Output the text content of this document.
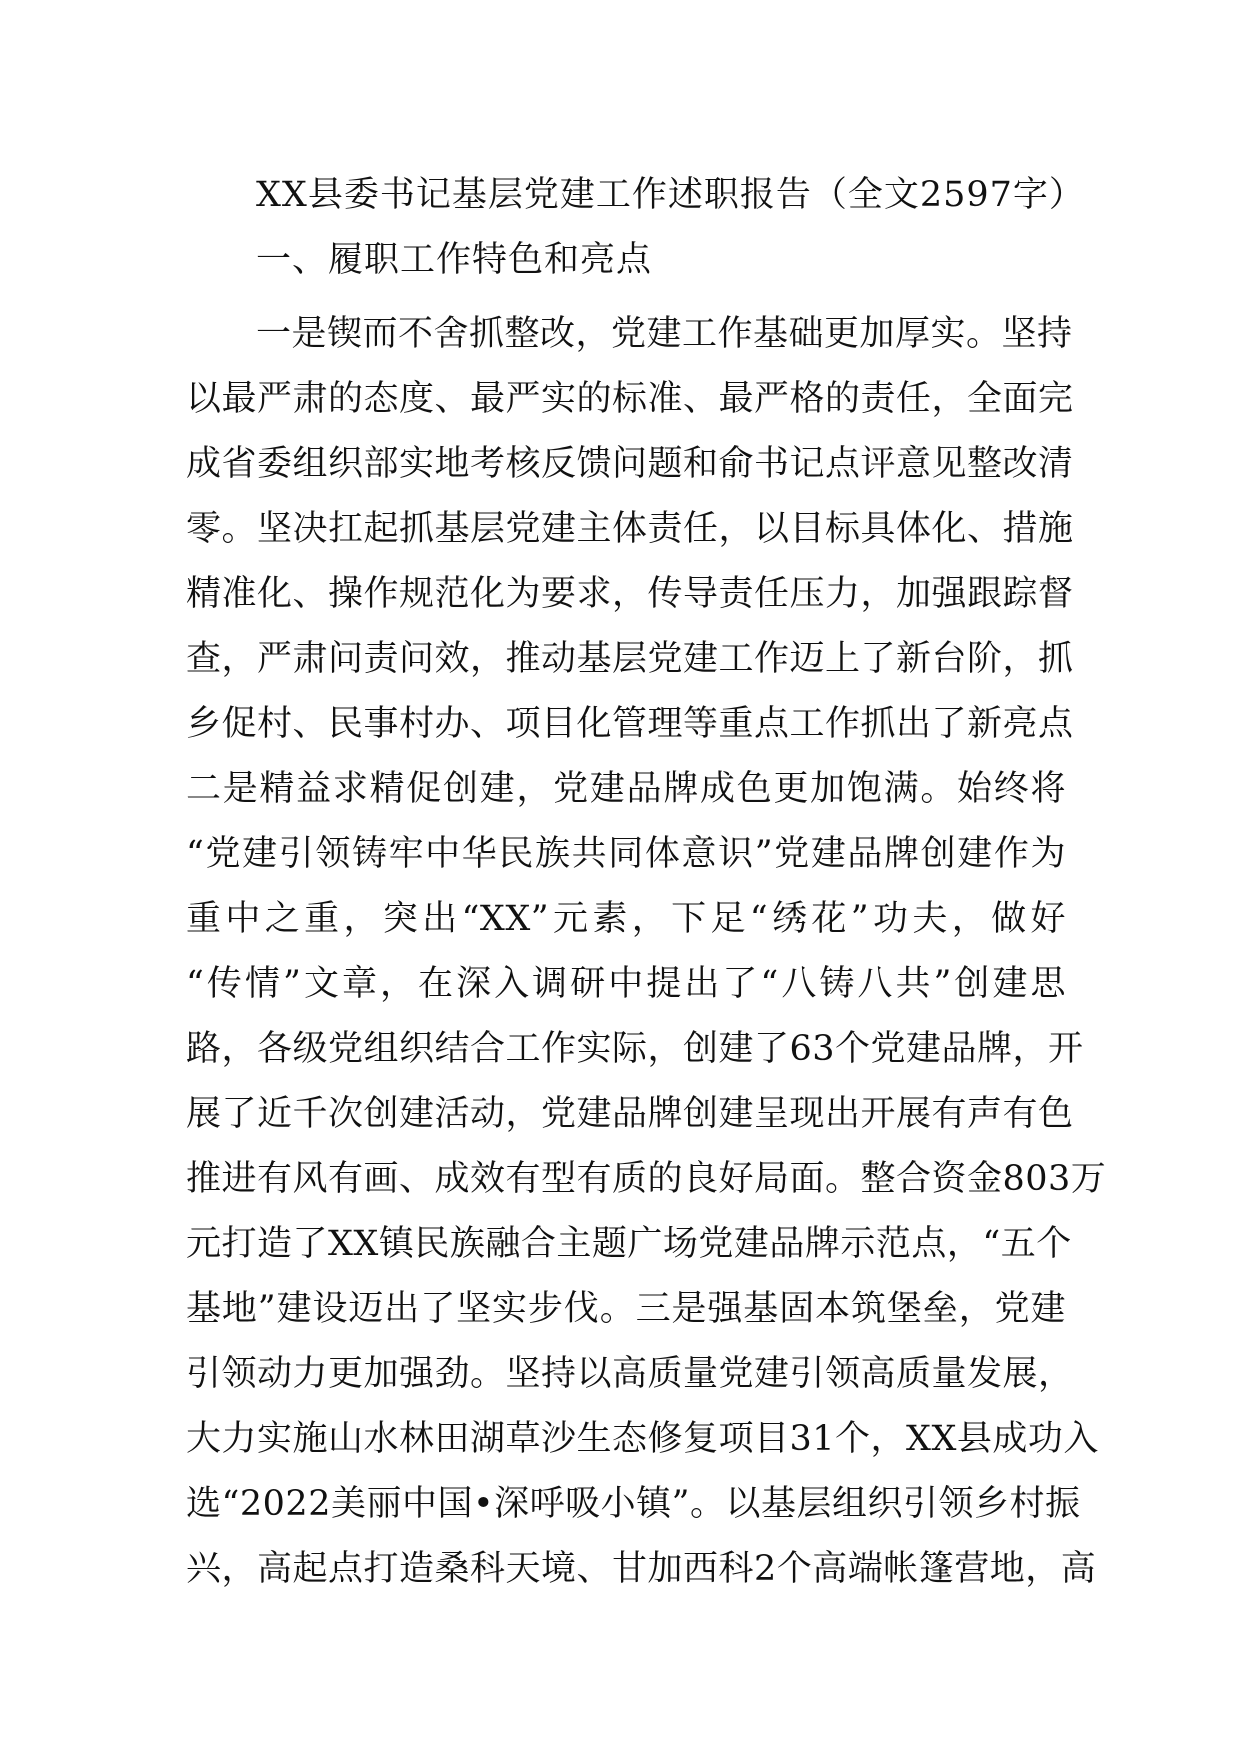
XX县委书记基层党建工作述职报告（全文2597字）
一、履职工作特色和亮点
一是锲而不舍抓整改，党建工作基础更加厚实。坚持
以最严肃的态度、最严实的标准、最严格的责任，全面完
成省委组织部实地考核反馈问题和俞书记点评意见整改清
零。坚决扛起抓基层党建主体责任，以目标具体化、措施
精准化、操作规范化为要求，传导责任压力，加强跟踪督
查，严肃问责问效，推动基层党建工作迈上了新台阶，抓
乡促村、民事村办、项目化管理等重点工作抓出了新亮点
二是精益求精促创建，党建品牌成色更加饱满。始终将
“党建引领铸牢中华民族共同体意识”党建品牌创建作为
重中之重，突出“XX”元素，下足“绣花”功夫，做好
“传情”文章，在深入调研中提出了“八铸八共”创建思
路，各级党组织结合工作实际，创建了63个党建品牌，开
展了近千次创建活动，党建品牌创建呈现出开展有声有色
推进有风有画、成效有型有质的良好局面。整合资金803万
元打造了XX镇民族融合主题广场党建品牌示范点，“五个
基地”建设迈出了坚实步伐。三是强基固本筑堡垒，党建
引领动力更加强劲。坚持以高质量党建引领高质量发展，
大力实施山水林田湖草沙生态修复项目31个，XX县成功入
选“2022美丽中国•深呼吸小镇”。以基层组织引领乡村振
兴，高起点打造桑科天境、甘加西科2个高端帐篷营地，高
